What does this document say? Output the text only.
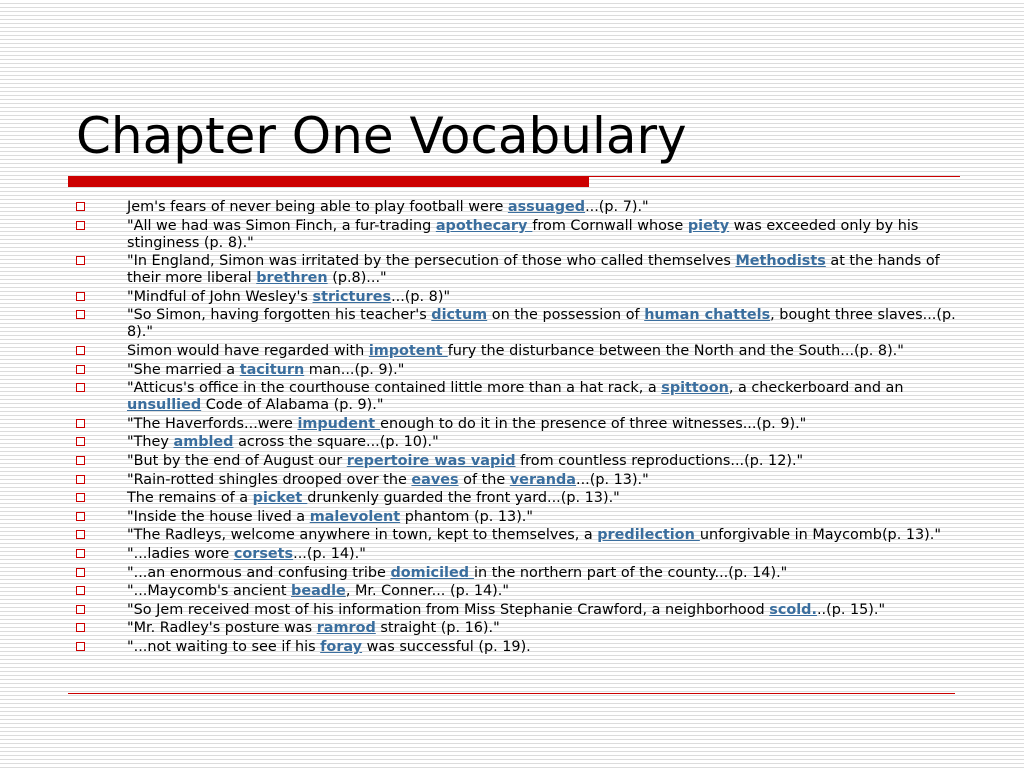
Chapter One Vocabulary
Jem's fears of never being able to play football were assuaged...(p. 7)."
"All we had was Simon Finch, a fur-trading apothecary from Cornwall whose piety was exceeded only by his stinginess (p. 8)."
"In England, Simon was irritated by the persecution of those who called themselves Methodists at the hands of their more liberal brethren (p.8)..."
"Mindful of John Wesley's strictures...(p. 8)"
"So Simon, having forgotten his teacher's dictum on the possession of human chattels, bought three slaves...(p. 8)."
Simon would have regarded with impotent fury the disturbance between the North and the South...(p. 8)."
"She married a taciturn man...(p. 9)."
"Atticus's office in the courthouse contained little more than a hat rack, a spittoon, a checkerboard and an unsullied Code of Alabama (p. 9)."
"The Haverfords...were impudent enough to do it in the presence of three witnesses...(p. 9)."
"They ambled across the square...(p. 10)."
"But by the end of August our repertoire was vapid from countless reproductions...(p. 12)."
"Rain-rotted shingles drooped over the eaves of the veranda...(p. 13)."
The remains of a picket drunkenly guarded the front yard...(p. 13)."
"Inside the house lived a malevolent phantom (p. 13)."
"The Radleys, welcome anywhere in town, kept to themselves, a predilection unforgivable in Maycomb(p. 13)."
"...ladies wore corsets...(p. 14)."
"...an enormous and confusing tribe domiciled in the northern part of the county...(p. 14)."
"...Maycomb's ancient beadle, Mr. Conner... (p. 14)."
"So Jem received most of his information from Miss Stephanie Crawford, a neighborhood scold...(p. 15)."
"Mr. Radley's posture was ramrod straight (p. 16)."
"...not waiting to see if his foray was successful (p. 19).
